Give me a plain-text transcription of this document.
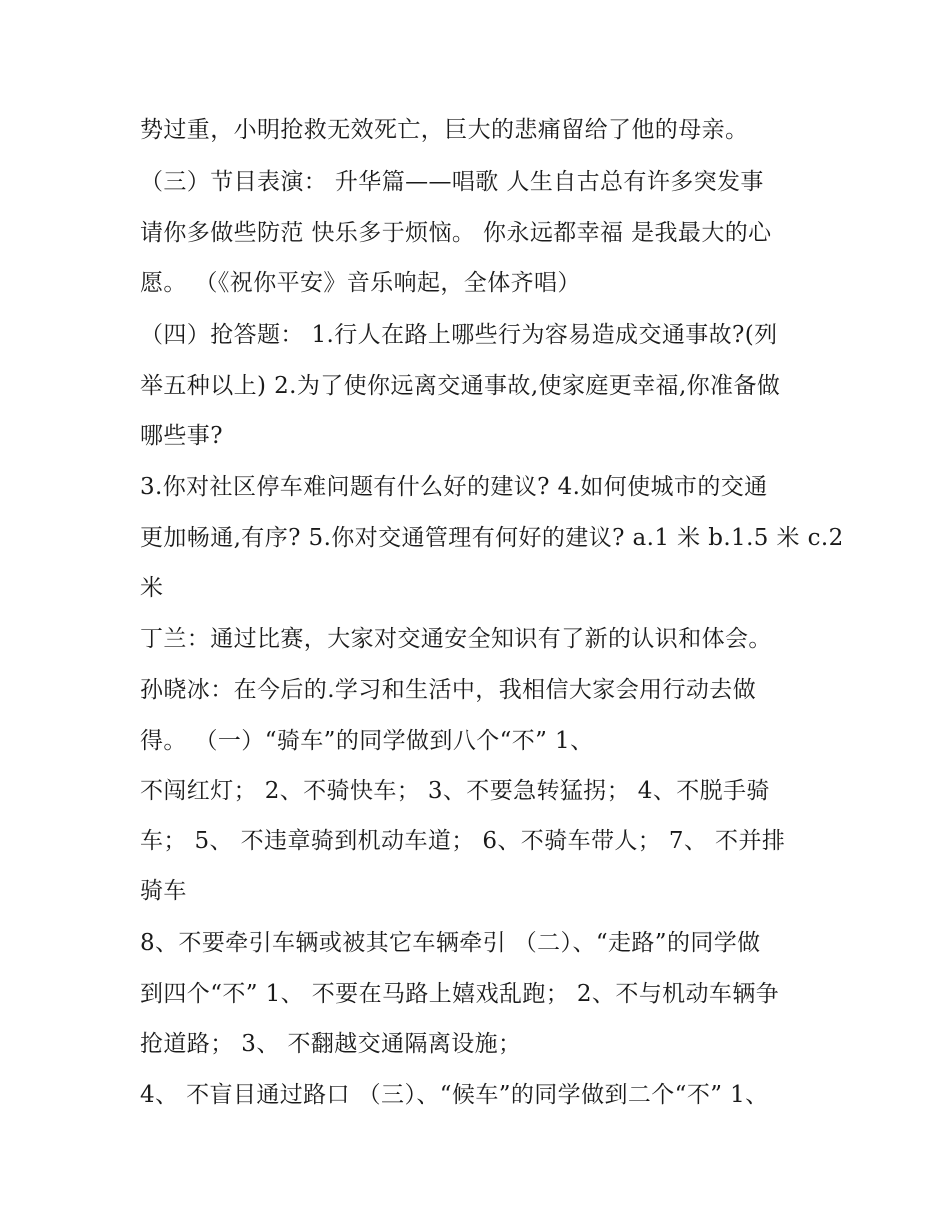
势过重，小明抢救无效死亡，巨大的悲痛留给了他的母亲。
（三）节目表演： 升华篇——唱歌 人生自古总有许多突发事
请你多做些防范 快乐多于烦恼。 你永远都幸福 是我最大的心
愿。 （《祝你平安》音乐响起，全体齐唱）
（四）抢答题： 1.行人在路上哪些行为容易造成交通事故?(列
举五种以上) 2.为了使你远离交通事故,使家庭更幸福,你准备做
哪些事?
3.你对社区停车难问题有什么好的建议? 4.如何使城市的交通
更加畅通,有序? 5.你对交通管理有何好的建议? a.1 米 b.1.5 米 c.2
米
丁兰：通过比赛，大家对交通安全知识有了新的认识和体会。
孙晓冰：在今后的.学习和生活中，我相信大家会用行动去做
得。 （一）“骑车”的同学做到八个“不” 1、
不闯红灯； 2、不骑快车； 3、不要急转猛拐； 4、不脱手骑
车； 5、 不违章骑到机动车道； 6、不骑车带人； 7、 不并排
骑车
8、不要牵引车辆或被其它车辆牵引 （二）、“走路”的同学做
到四个“不” 1、 不要在马路上嬉戏乱跑； 2、不与机动车辆争
抢道路； 3、 不翻越交通隔离设施；
4、 不盲目通过路口 （三）、“候车”的同学做到二个“不” 1、
